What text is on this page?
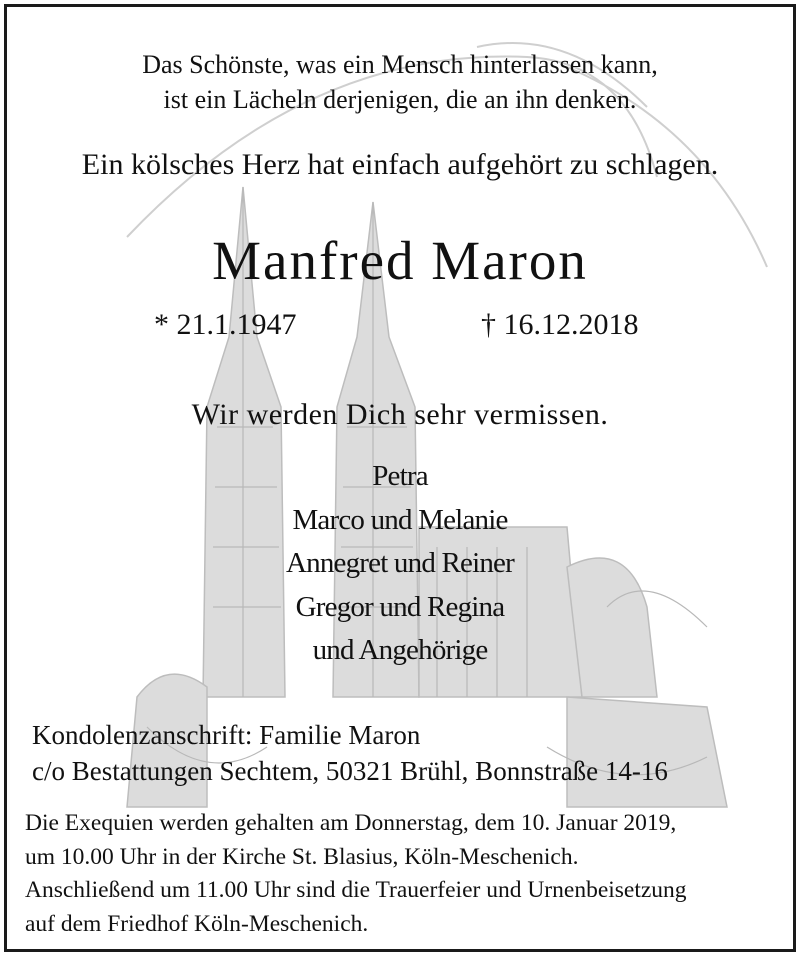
Das Schönste, was ein Mensch hinterlassen kann,
ist ein Lächeln derjenigen, die an ihn denken.
Ein kölsches Herz hat einfach aufgehört zu schlagen.
Manfred Maron
* 21.1.1947	† 16.12.2018
Wir werden Dich sehr vermissen.
Petra
Marco und Melanie
Annegret und Reiner
Gregor und Regina
und Angehörige
Kondolenzanschrift: Familie Maron
c/o Bestattungen Sechtem, 50321 Brühl, Bonnstraße 14-16
Die Exequien werden gehalten am Donnerstag, dem 10. Januar 2019,
um 10.00 Uhr in der Kirche St. Blasius, Köln-Meschenich.
Anschließend um 11.00 Uhr sind die Trauerfeier und Urnenbeisetzung
auf dem Friedhof Köln-Meschenich.
